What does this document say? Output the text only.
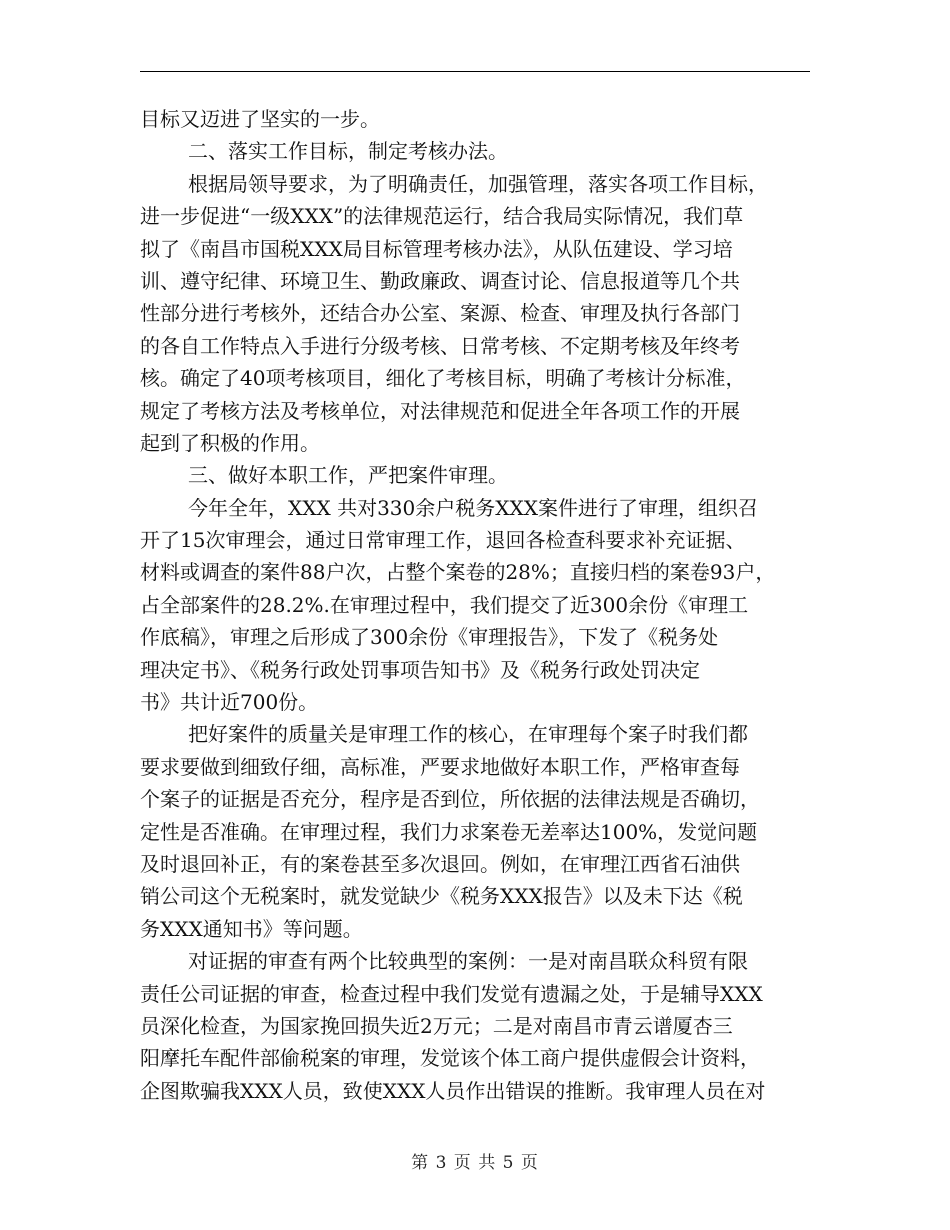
目标又迈进了坚实的一步。
二、落实工作目标，制定考核办法。
根据局领导要求，为了明确责任，加强管理，落实各项工作目标，
进一步促进“一级XXX”的法律规范运行，结合我局实际情况，我们草
拟了《南昌市国税XXX局目标管理考核办法》，从队伍建设、学习培
训、遵守纪律、环境卫生、勤政廉政、调查讨论、信息报道等几个共
性部分进行考核外，还结合办公室、案源、检查、审理及执行各部门
的各自工作特点入手进行分级考核、日常考核、不定期考核及年终考
核。确定了40项考核项目，细化了考核目标，明确了考核计分标准，
规定了考核方法及考核单位，对法律规范和促进全年各项工作的开展
起到了积极的作用。
三、做好本职工作，严把案件审理。
今年全年，XXX 共对330余户税务XXX案件进行了审理，组织召
开了15次审理会，通过日常审理工作，退回各检查科要求补充证据、
材料或调查的案件88户次，占整个案卷的28%；直接归档的案卷93户，
占全部案件的28.2%.在审理过程中，我们提交了近300余份《审理工
作底稿》，审理之后形成了300余份《审理报告》，下发了《税务处
理决定书》、《税务行政处罚事项告知书》及《税务行政处罚决定
书》共计近700份。
把好案件的质量关是审理工作的核心，在审理每个案子时我们都
要求要做到细致仔细，高标准，严要求地做好本职工作，严格审查每
个案子的证据是否充分，程序是否到位，所依据的法律法规是否确切，
定性是否准确。在审理过程，我们力求案卷无差率达100%，发觉问题
及时退回补正，有的案卷甚至多次退回。例如，在审理江西省石油供
销公司这个无税案时，就发觉缺少《税务XXX报告》以及未下达《税
务XXX通知书》等问题。
对证据的审查有两个比较典型的案例：一是对南昌联众科贸有限
责任公司证据的审查，检查过程中我们发觉有遗漏之处，于是辅导XXX
员深化检查，为国家挽回损失近2万元；二是对南昌市青云谱厦杏三
阳摩托车配件部偷税案的审理，发觉该个体工商户提供虚假会计资料，
企图欺骗我XXX人员，致使XXX人员作出错误的推断。我审理人员在对
第 3 页 共 5 页
